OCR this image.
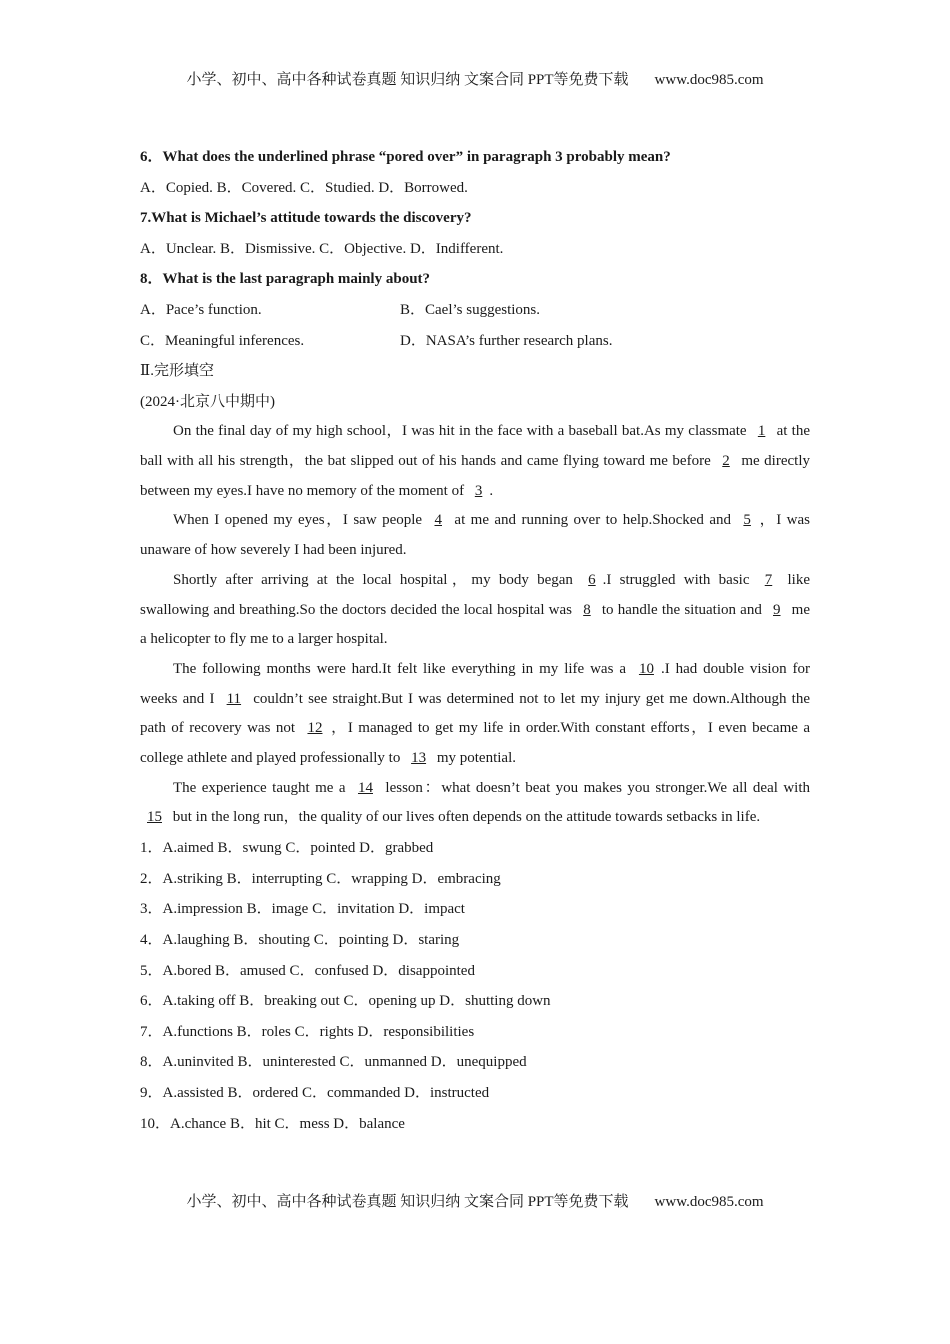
小学、初中、高中各种试卷真题 知识归纳 文案合同 PPT等免费下载 www.doc985.com
6．What does the underlined phrase “pored over” in paragraph 3 probably mean?
A．Copied. B．Covered. C．Studied. D．Borrowed.
7.What is Michael’s attitude towards the discovery?
A．Unclear. B．Dismissive. C．Objective. D．Indifferent.
8．What is the last paragraph mainly about?
A．Pace’s function.	B．Cael’s suggestions.
C．Meaningful inferences.	D．NASA’s further research plans.
Ⅱ.完形填空
(2024·北京八中期中)

On the final day of my high school，I was hit in the face with a baseball bat.As my classmate 1 at the ball with all his strength，the bat slipped out of his hands and came flying toward me before 2 me directly between my eyes.I have no memory of the moment of 3 .

When I opened my eyes，I saw people 4 at me and running over to help.Shocked and 5 ，I was unaware of how severely I had been injured.

Shortly after arriving at the local hospital，my body began 6 .I struggled with basic 7 like swallowing and breathing.So the doctors decided the local hospital was 8 to handle the situation and 9 me a helicopter to fly me to a larger hospital.

The following months were hard.It felt like everything in my life was a 10 .I had double vision for weeks and I 11 couldn’t see straight.But I was determined not to let my injury get me down.Although the path of recovery was not 12 ，I managed to get my life in order.With constant efforts，I even became a college athlete and played professionally to 13 my potential.

The experience taught me a 14 lesson：what doesn’t beat you makes you stronger.We all deal with 15 but in the long run，the quality of our lives often depends on the attitude towards setbacks in life.

1．A.aimed B．swung C．pointed D．grabbed
2．A.striking B．interrupting C．wrapping D．embracing
3．A.impression B．image C．invitation D．impact
4．A.laughing B．shouting C．pointing D．staring
5．A.bored B．amused C．confused D．disappointed
6．A.taking off B．breaking out C．opening up D．shutting down
7．A.functions B．roles C．rights D．responsibilities
8．A.uninvited B．uninterested C．unmanned D．unequipped
9．A.assisted B．ordered C．commanded D．instructed
10．A.chance B．hit C．mess D．balance
小学、初中、高中各种试卷真题 知识归纳 文案合同 PPT等免费下载 www.doc985.com
